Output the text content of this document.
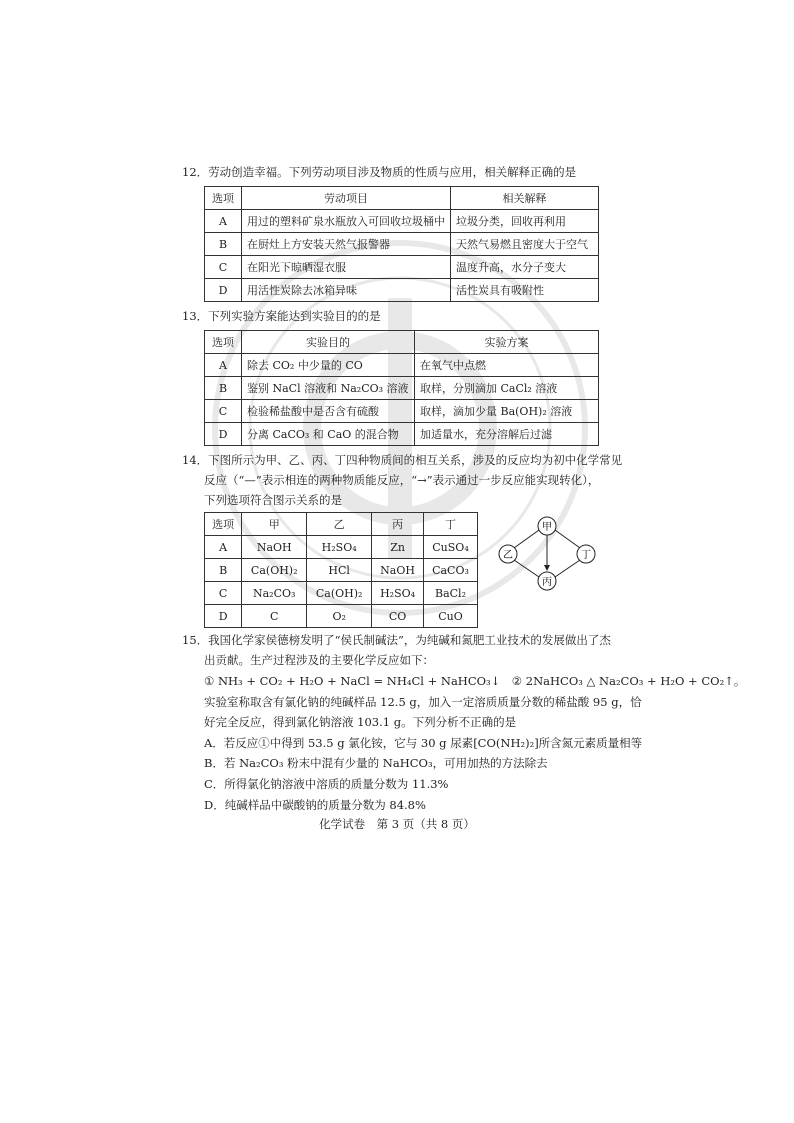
12．劳动创造幸福。下列劳动项目涉及物质的性质与应用，相关解释正确的是
选项	劳动项目	相关解释
A	用过的塑料矿泉水瓶放入可回收垃圾桶中	垃圾分类，回收再利用
B	在厨灶上方安装天然气报警器	天然气易燃且密度大于空气
C	在阳光下晾晒湿衣服	温度升高，水分子变大
D	用活性炭除去冰箱异味	活性炭具有吸附性
13．下列实验方案能达到实验目的的是
选项	实验目的	实验方案
A	除去 CO₂ 中少量的 CO	在氧气中点燃
B	鉴别 NaCl 溶液和 Na₂CO₃ 溶液	取样，分别滴加 CaCl₂ 溶液
C	检验稀盐酸中是否含有硫酸	取样，滴加少量 Ba(OH)₂ 溶液
D	分离 CaCO₃ 和 CaO 的混合物	加适量水，充分溶解后过滤
14．下图所示为甲、乙、丙、丁四种物质间的相互关系，涉及的反应均为初中化学常见
反应（“—”表示相连的两种物质能反应，“→”表示通过一步反应能实现转化），
下列选项符合图示关系的是
选项	甲	乙	丙	丁
A	NaOH	H₂SO₄	Zn	CuSO₄
B	Ca(OH)₂	HCl	NaOH	CaCO₃
C	Na₂CO₃	Ca(OH)₂	H₂SO₄	BaCl₂
D	C	O₂	CO	CuO
甲
乙	丁
丙
15．我国化学家侯德榜发明了“侯氏制碱法”，为纯碱和氮肥工业技术的发展做出了杰
出贡献。生产过程涉及的主要化学反应如下：
① NH₃ + CO₂ + H₂O + NaCl = NH₄Cl + NaHCO₃↓　② 2NaHCO₃ △ Na₂CO₃ + H₂O + CO₂↑。
实验室称取含有氯化钠的纯碱样品 12.5 g，加入一定溶质质量分数的稀盐酸 95 g，恰
好完全反应，得到氯化钠溶液 103.1 g。下列分析不正确的是
A．若反应①中得到 53.5 g 氯化铵，它与 30 g 尿素[CO(NH₂)₂]所含氮元素质量相等
B．若 Na₂CO₃ 粉末中混有少量的 NaHCO₃，可用加热的方法除去
C．所得氯化钠溶液中溶质的质量分数为 11.3%
D．纯碱样品中碳酸钠的质量分数为 84.8%
化学试卷　第 3 页（共 8 页）
